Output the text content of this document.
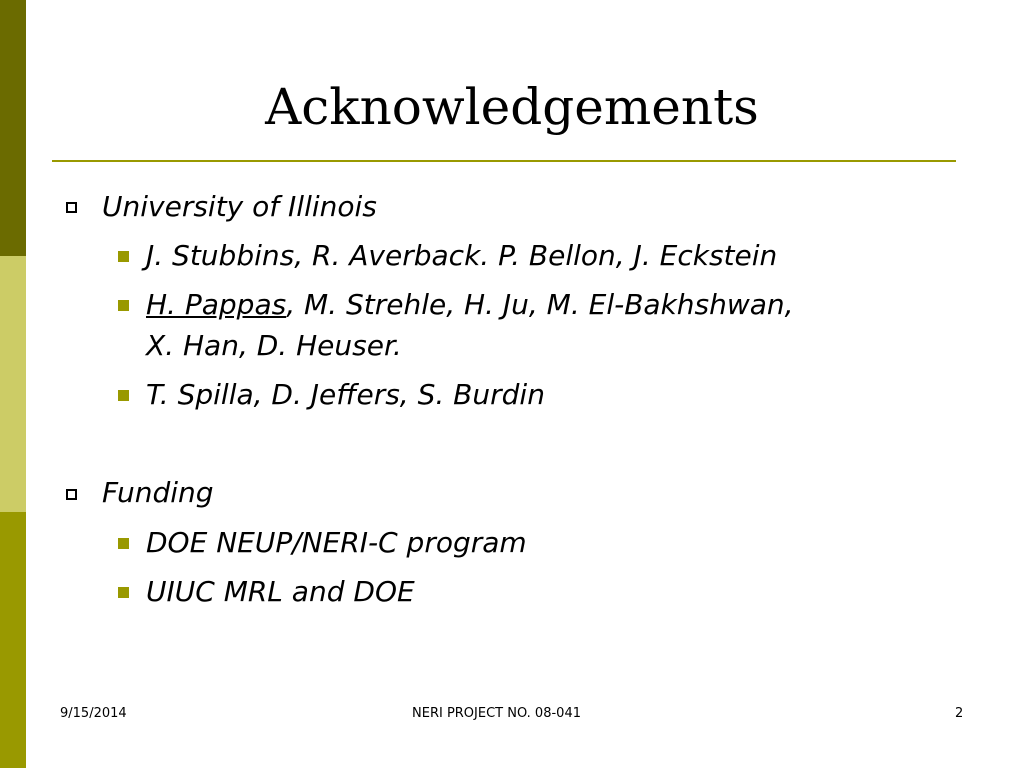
Acknowledgements
University of Illinois
J. Stubbins, R. Averback. P. Bellon, J. Eckstein
H. Pappas, M. Strehle, H. Ju, M. El-Bakhshwan,
X. Han, D. Heuser.
T. Spilla, D. Jeffers, S. Burdin
Funding
DOE NEUP/NERI-C program
UIUC MRL and DOE
9/15/2014	NERI PROJECT NO. 08-041	2
